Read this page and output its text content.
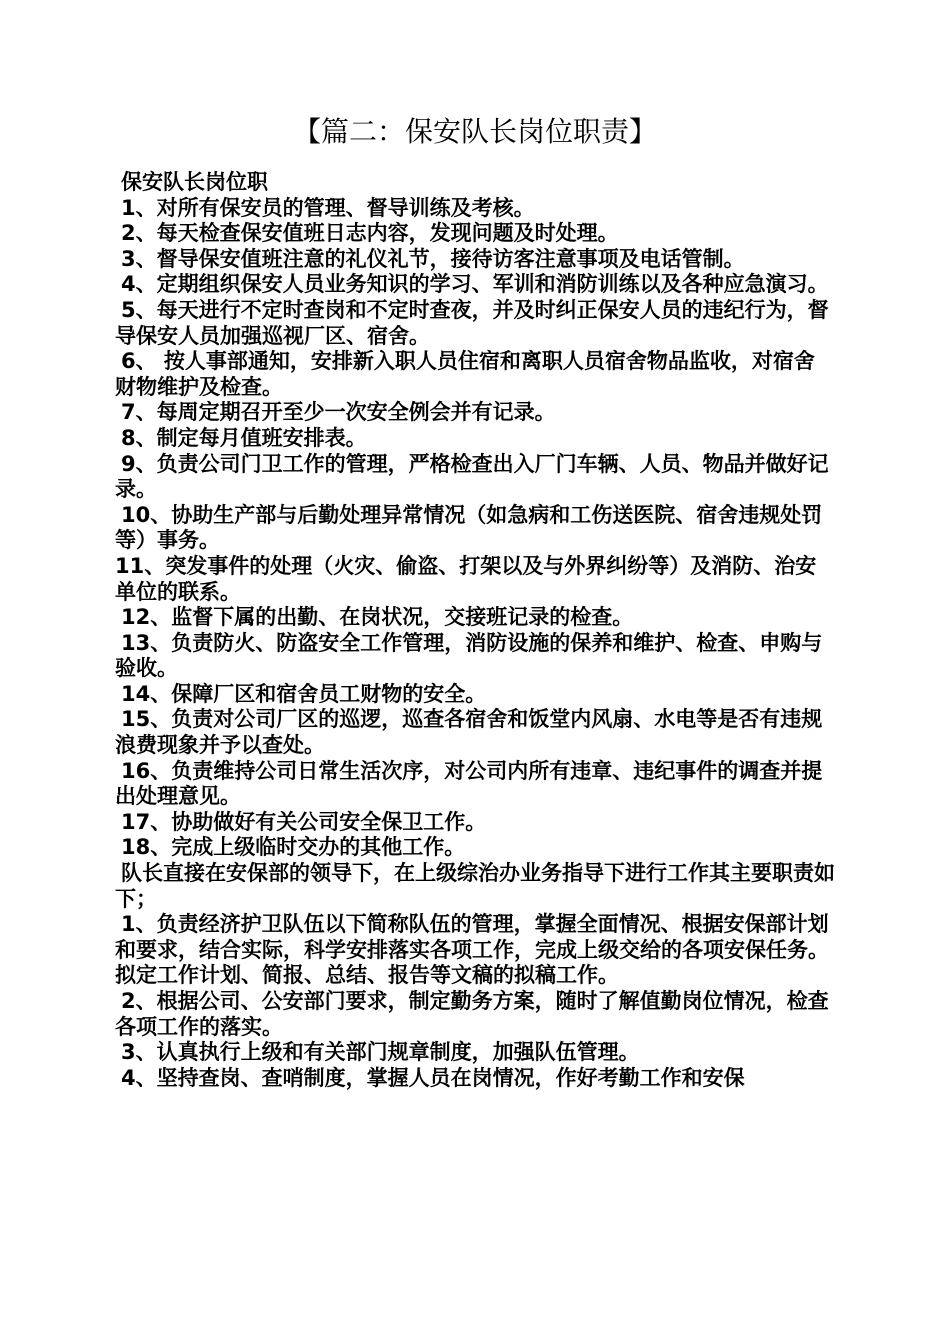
【篇二：保安队长岗位职责】

保安队长岗位职

1、对所有保安员的管理、督导训练及考核。

2、每天检查保安值班日志内容，发现问题及时处理。

3、督导保安值班注意的礼仪礼节，接待访客注意事项及电话管制。

4、定期组织保安人员业务知识的学习、军训和消防训练以及各种应急演习。

5、每天进行不定时查岗和不定时查夜，并及时纠正保安人员的违纪行为，督导保安人员加强巡视厂区、宿舍。

6、 按人事部通知，安排新入职人员住宿和离职人员宿舍物品监收，对宿舍财物维护及检查。

7、每周定期召开至少一次安全例会并有记录。

8、制定每月值班安排表。

9、负责公司门卫工作的管理，严格检查出入厂门车辆、人员、物品并做好记录。

10、协助生产部与后勤处理异常情况（如急病和工伤送医院、宿舍违规处罚等）事务。

11、突发事件的处理（火灾、偷盗、打架以及与外界纠纷等）及消防、治安单位的联系。

12、监督下属的出勤、在岗状况，交接班记录的检查。

13、负责防火、防盗安全工作管理，消防设施的保养和维护、检查、申购与验收。

14、保障厂区和宿舍员工财物的安全。

15、负责对公司厂区的巡逻，巡查各宿舍和饭堂内风扇、水电等是否有违规浪费现象并予以查处。

16、负责维持公司日常生活次序，对公司内所有违章、违纪事件的调查并提出处理意见。

17、协助做好有关公司安全保卫工作。

18、完成上级临时交办的其他工作。

队长直接在安保部的领导下，在上级综治办业务指导下进行工作其主要职责如下；

1、负责经济护卫队伍以下简称队伍的管理，掌握全面情况、根据安保部计划和要求，结合实际，科学安排落实各项工作，完成上级交给的各项安保任务。拟定工作计划、简报、总结、报告等文稿的拟稿工作。

2、根据公司、公安部门要求，制定勤务方案，随时了解值勤岗位情况，检查各项工作的落实。

3、认真执行上级和有关部门规章制度，加强队伍管理。

4、坚持查岗、查哨制度，掌握人员在岗情况，作好考勤工作和安保
